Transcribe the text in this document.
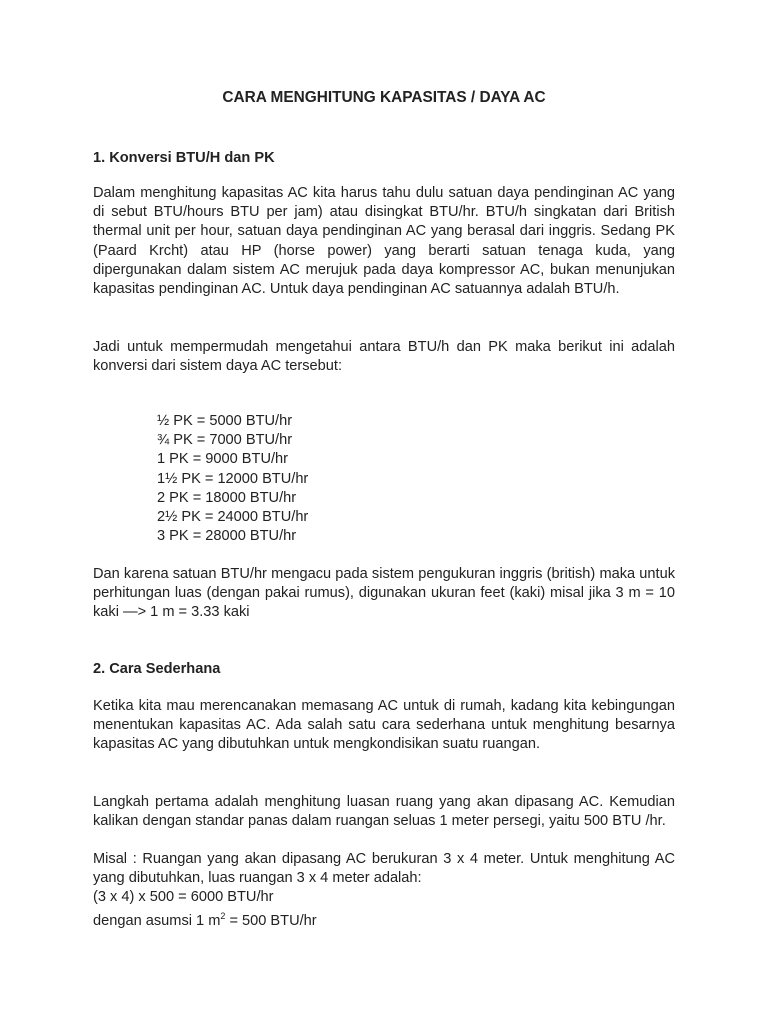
CARA MENGHITUNG KAPASITAS / DAYA AC
1. Konversi BTU/H dan PK

Dalam menghitung kapasitas AC kita harus tahu dulu satuan daya pendinginan AC yang di sebut BTU/hours BTU per jam) atau disingkat BTU/hr. BTU/h singkatan dari British thermal unit per hour, satuan daya pendinginan AC yang berasal dari inggris. Sedang PK (Paard Krcht) atau HP (horse power) yang berarti satuan tenaga kuda, yang dipergunakan dalam sistem AC merujuk pada daya kompressor AC, bukan menunjukan kapasitas pendinginan AC. Untuk daya pendinginan AC satuannya adalah BTU/h.

Jadi untuk mempermudah mengetahui antara BTU/h dan PK maka berikut ini adalah konversi dari sistem daya AC tersebut:

½ PK = 5000 BTU/hr
¾ PK = 7000 BTU/hr
1 PK = 9000 BTU/hr
1½ PK = 12000 BTU/hr
2 PK = 18000 BTU/hr
2½ PK = 24000 BTU/hr
3 PK = 28000 BTU/hr

Dan karena satuan BTU/hr mengacu pada sistem pengukuran inggris (british) maka untuk perhitungan luas (dengan pakai rumus), digunakan ukuran feet (kaki) misal jika 3 m = 10 kaki —> 1 m = 3.33 kaki

2. Cara Sederhana

Ketika kita mau merencanakan memasang AC untuk di rumah, kadang kita kebingungan menentukan kapasitas AC. Ada salah satu cara sederhana untuk menghitung besarnya kapasitas AC yang dibutuhkan untuk mengkondisikan suatu ruangan.

Langkah pertama adalah menghitung luasan ruang yang akan dipasang AC. Kemudian kalikan dengan standar panas dalam ruangan seluas 1 meter persegi, yaitu 500 BTU /hr.

Misal : Ruangan yang akan dipasang AC berukuran 3 x 4 meter. Untuk menghitung AC yang dibutuhkan, luas ruangan 3 x 4 meter adalah:

(3 x 4) x 500 = 6000 BTU/hr

dengan asumsi 1 $m^2 = 500$ BTU/hr
